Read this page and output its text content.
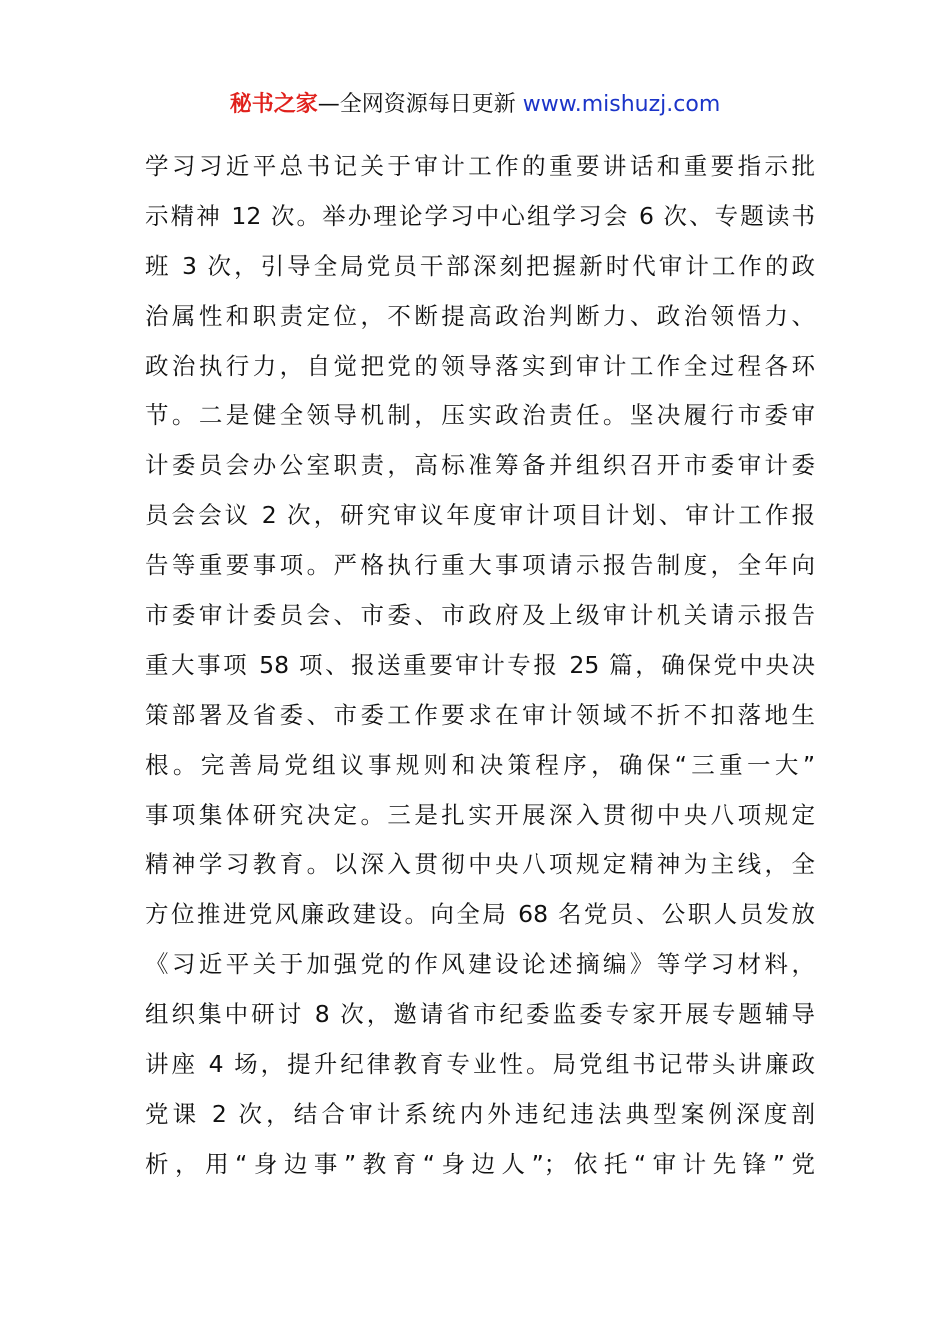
秘书之家—全网资源每日更新 www.mishuzj.com
学习习近平总书记关于审计工作的重要讲话和重要指示批
示精神 12 次。举办理论学习中心组学习会 6 次、专题读书
班 3 次，引导全局党员干部深刻把握新时代审计工作的政
治属性和职责定位，不断提高政治判断力、政治领悟力、
政治执行力，自觉把党的领导落实到审计工作全过程各环
节。二是健全领导机制，压实政治责任。坚决履行市委审
计委员会办公室职责，高标准筹备并组织召开市委审计委
员会会议 2 次，研究审议年度审计项目计划、审计工作报
告等重要事项。严格执行重大事项请示报告制度，全年向
市委审计委员会、市委、市政府及上级审计机关请示报告
重大事项 58 项、报送重要审计专报 25 篇，确保党中央决
策部署及省委、市委工作要求在审计领域不折不扣落地生
根。完善局党组议事规则和决策程序，确保“三重一大”
事项集体研究决定。三是扎实开展深入贯彻中央八项规定
精神学习教育。以深入贯彻中央八项规定精神为主线，全
方位推进党风廉政建设。向全局 68 名党员、公职人员发放
《习近平关于加强党的作风建设论述摘编》等学习材料，
组织集中研讨 8 次，邀请省市纪委监委专家开展专题辅导
讲座 4 场，提升纪律教育专业性。局党组书记带头讲廉政
党课 2 次，结合审计系统内外违纪违法典型案例深度剖
析，用“身边事”教育“身边人”；依托“审计先锋”党
